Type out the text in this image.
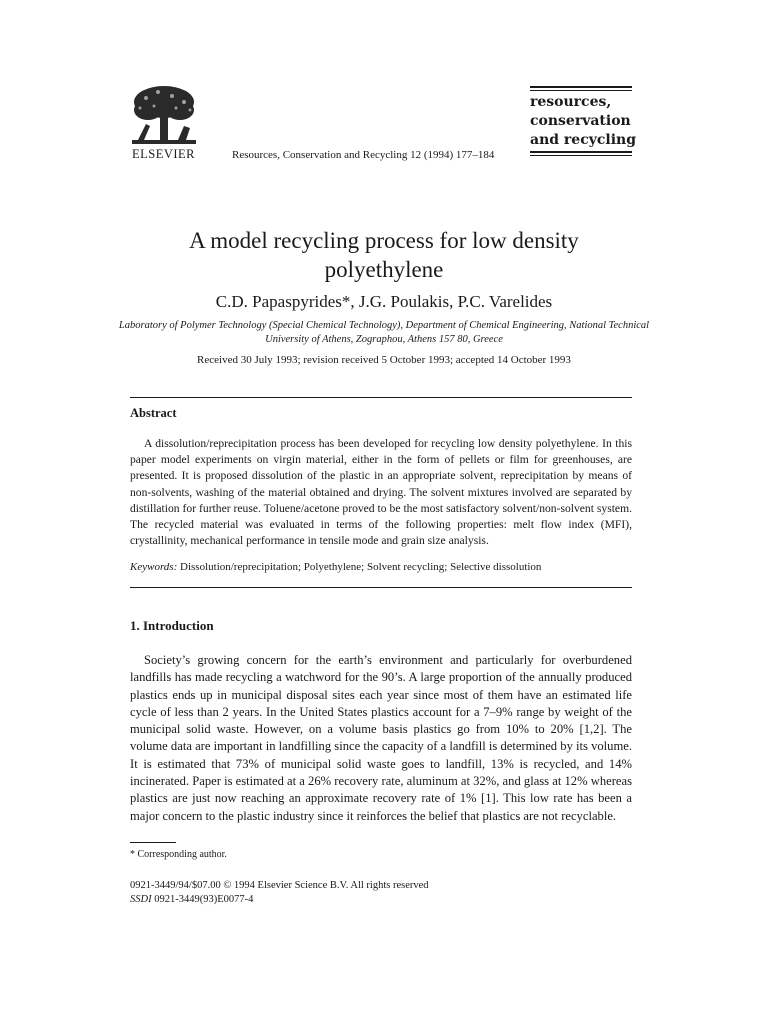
ELSEVIER	Resources, Conservation and Recycling 12 (1994) 177–184
resources,
conservation
and recycling
A model recycling process for low density polyethylene
C.D. Papaspyrides*, J.G. Poulakis, P.C. Varelides
Laboratory of Polymer Technology (Special Chemical Technology), Department of Chemical Engineering, National Technical University of Athens, Zographou, Athens 157 80, Greece
Received 30 July 1993; revision received 5 October 1993; accepted 14 October 1993
Abstract
A dissolution/reprecipitation process has been developed for recycling low density polyethylene. In this paper model experiments on virgin material, either in the form of pellets or film for greenhouses, are presented. It is proposed dissolution of the plastic in an appropriate solvent, reprecipitation by means of non-solvents, washing of the material obtained and drying. The solvent mixtures involved are separated by distillation for further reuse. Toluene/acetone proved to be the most satisfactory solvent/non-solvent system. The recycled material was evaluated in terms of the following properties: melt flow index (MFI), crystallinity, mechanical performance in tensile mode and grain size analysis.
Keywords: Dissolution/reprecipitation; Polyethylene; Solvent recycling; Selective dissolution
1. Introduction
Society’s growing concern for the earth’s environment and particularly for overburdened landfills has made recycling a watchword for the 90’s. A large proportion of the annually produced plastics ends up in municipal disposal sites each year since most of them have an estimated life cycle of less than 2 years. In the United States plastics account for a 7–9% range by weight of the municipal solid waste. However, on a volume basis plastics go from 10% to 20% [1,2]. The volume data are important in landfilling since the capacity of a landfill is determined by its volume. It is estimated that 73% of municipal solid waste goes to landfill, 13% is recycled, and 14% incinerated. Paper is estimated at a 26% recovery rate, aluminum at 32%, and glass at 12% whereas plastics are just now reaching an approximate recovery rate of 1% [1]. This low rate has been a major concern to the plastic industry since it reinforces the belief that plastics are not recyclable.
* Corresponding author.
0921-3449/94/$07.00 © 1994 Elsevier Science B.V. All rights reserved
SSDI 0921-3449(93)E0077-4
